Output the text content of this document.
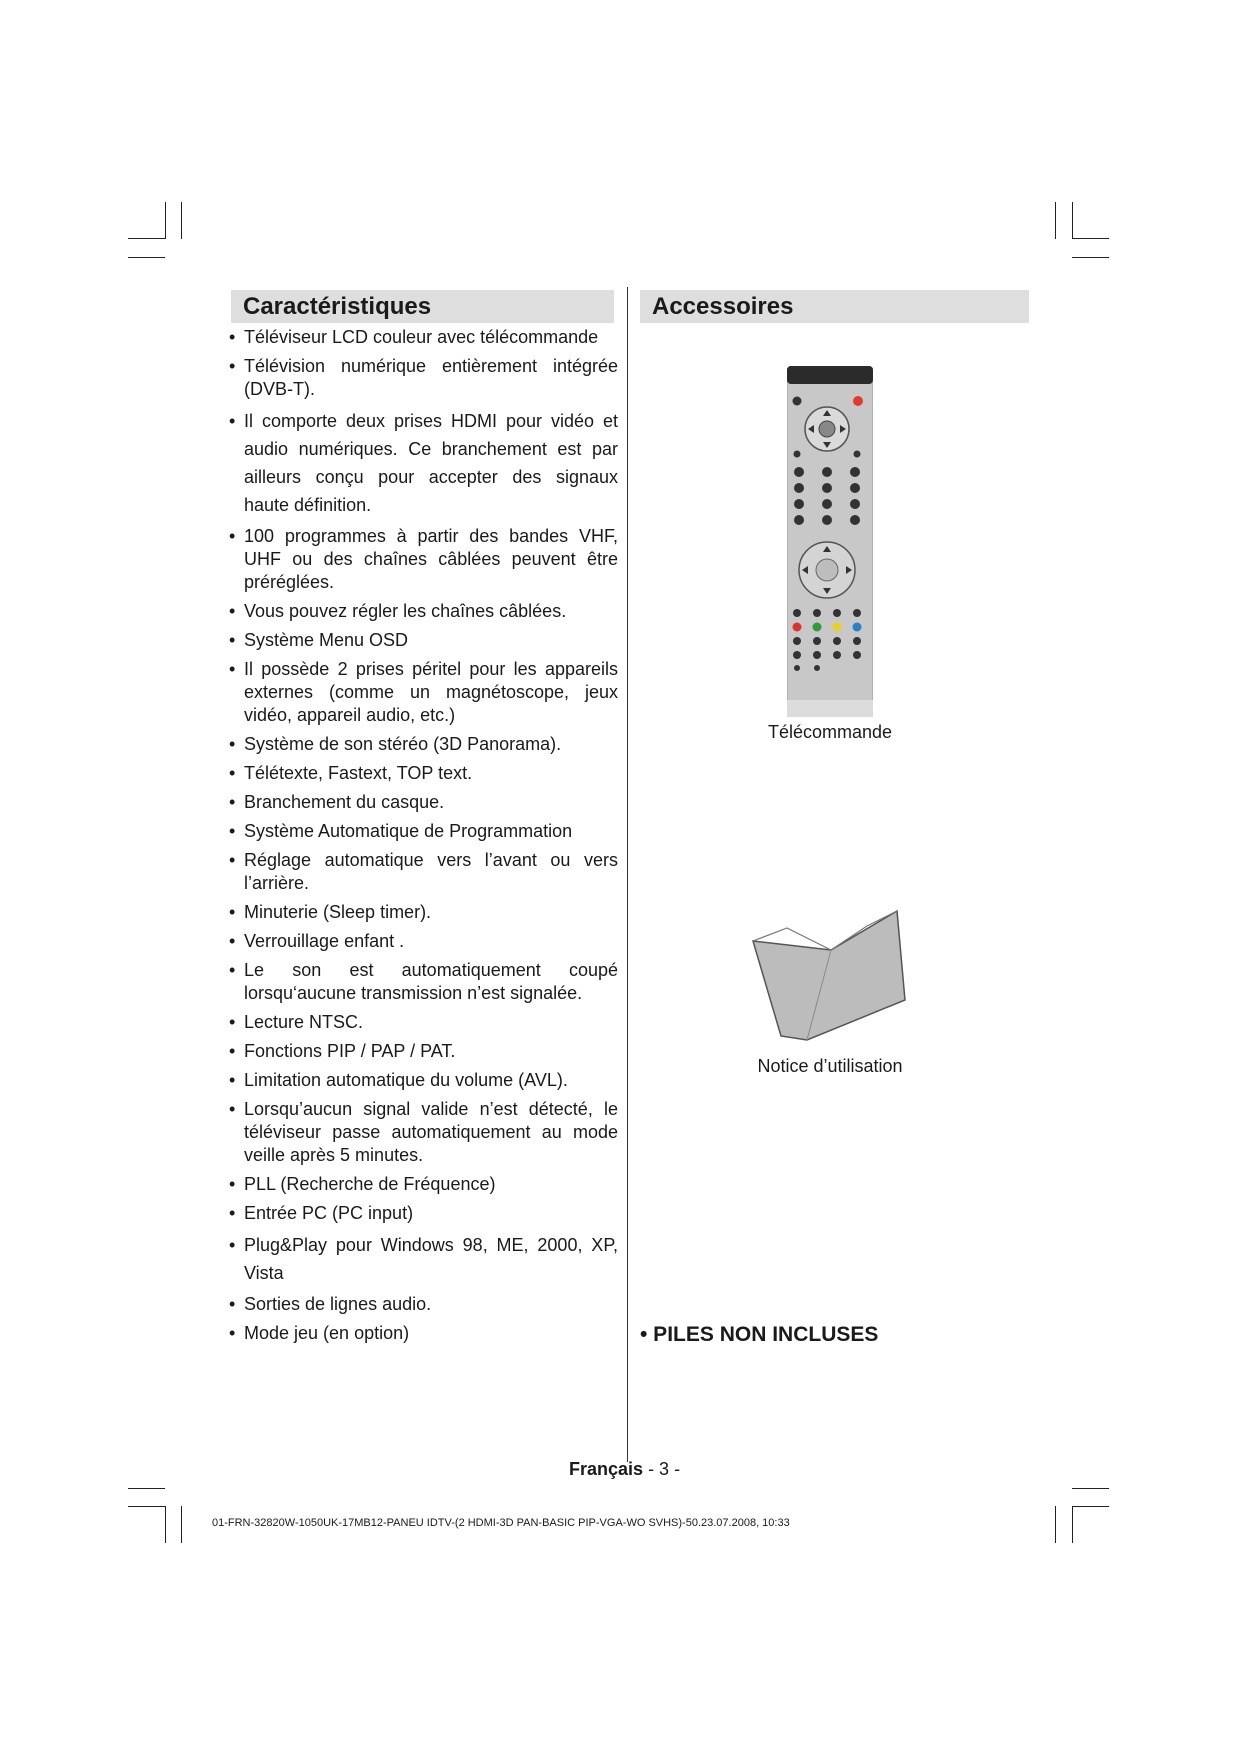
Caractéristiques
• Téléviseur LCD couleur avec télécommande
• Télévision numérique entièrement intégrée (DVB-T).
• Il comporte deux prises HDMI pour vidéo et audio numériques. Ce branchement est par ailleurs conçu pour accepter des signaux haute définition.
• 100 programmes à partir des bandes VHF, UHF ou des chaînes câblées peuvent être préréglées.
• Vous pouvez régler les chaînes câblées.
• Système Menu OSD
• Il possède 2 prises péritel pour les appareils externes (comme un magnétoscope, jeux vidéo, appareil audio, etc.)
• Système de son stéréo (3D Panorama).
• Télétexte, Fastext, TOP text.
• Branchement du casque.
• Système Automatique de Programmation
• Réglage automatique vers l’avant ou vers l’arrière.
• Minuterie (Sleep timer).
• Verrouillage enfant .
• Le son est automatiquement coupé lorsqu‘aucune transmission n’est signalée.
• Lecture NTSC.
• Fonctions PIP / PAP / PAT.
• Limitation automatique du volume (AVL).
• Lorsqu’aucun signal valide n’est détecté, le téléviseur passe automatiquement au mode veille après 5 minutes.
• PLL (Recherche de Fréquence)
• Entrée PC (PC input)
• Plug&Play pour Windows 98, ME, 2000, XP, Vista
• Sorties de lignes audio.
• Mode jeu (en option)
Accessoires
Télécommande
Notice d’utilisation
• PILES NON INCLUSES
Français - 3 -
01-FRN-32820W-1050UK-17MB12-PANEU IDTV-(2 HDMI-3D PAN-BASIC PIP-VGA-WO SVHS)-50.23.07.2008, 10:33
